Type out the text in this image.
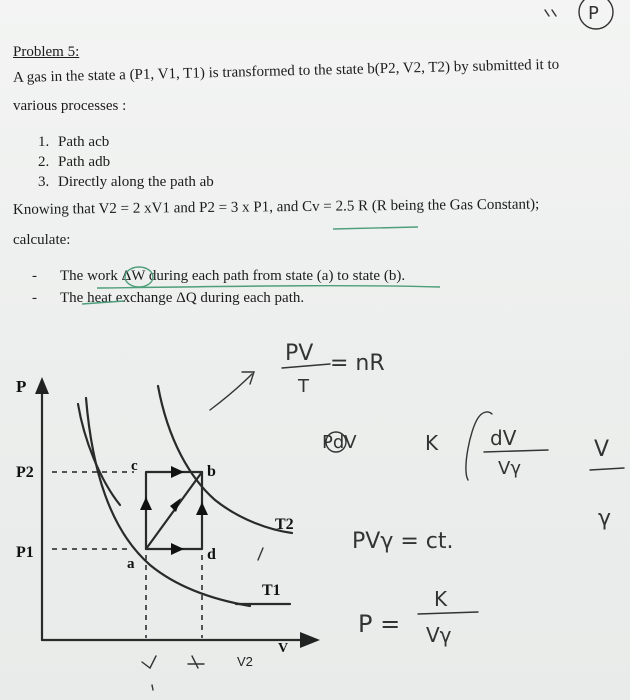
Problem 5:
A gas in the state a (P1, V1, T1) is transformed to the state b(P2, V2, T2) by submitted it to
various processes :
1. Path acb
2. Path adb
3. Directly along the path ab
Knowing that V2 = 2 xV1 and P2 = 3 x P1, and Cv = 2.5 R (R being the Gas Constant);
calculate:
- The work ΔW during each path from state (a) to state (b).
- The heat exchange ΔQ during each path.
P
V
P2
P1
a
b
c
d
T2
T1
V2
PV
T
= nR
PdV	K	dV
Vγ
V
γ
PVγ = ct.
P =
K
Vγ
P
